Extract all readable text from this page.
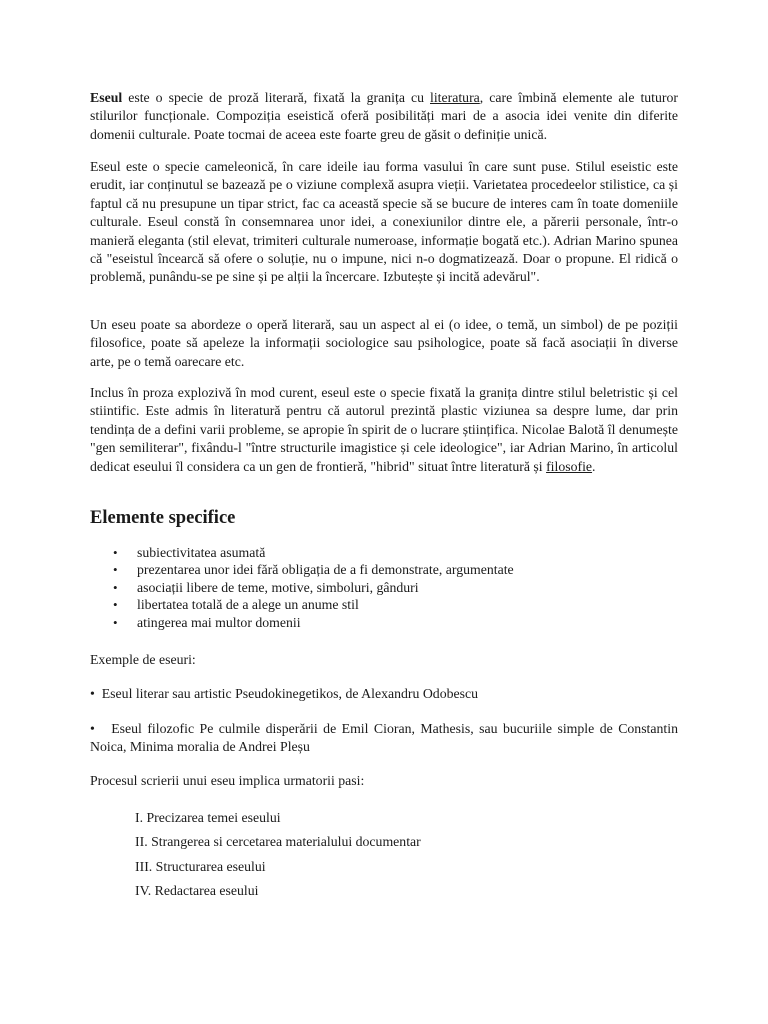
Eseul este o specie de proză literară, fixată la granița cu literatura, care îmbină elemente ale tuturor stilurilor funcționale. Compoziția eseistică oferă posibilități mari de a asocia idei venite din diferite domenii culturale. Poate tocmai de aceea este foarte greu de găsit o definiție unică.

Eseul este o specie cameleonică, în care ideile iau forma vasului în care sunt puse. Stilul eseistic este erudit, iar conținutul se bazează pe o viziune complexă asupra vieții. Varietatea procedeelor stilistice, ca și faptul că nu presupune un tipar strict, fac ca această specie să se bucure de interes cam în toate domeniile culturale. Eseul constă în consemnarea unor idei, a conexiunilor dintre ele, a părerii personale, într-o manieră eleganta (stil elevat, trimiteri culturale numeroase, informație bogată etc.). Adrian Marino spunea că "eseistul încearcă să ofere o soluție, nu o impune, nici n-o dogmatizează. Doar o propune. El ridică o problemă, punându-se pe sine și pe alții la încercare. Izbutește și incită adevărul".

Un eseu poate sa abordeze o operă literară, sau un aspect al ei (o idee, o temă, un simbol) de pe poziții filosofice, poate să apeleze la informații sociologice sau psihologice, poate să facă asociații în diverse arte, pe o temă oarecare etc.

Inclus în proza explozivă în mod curent, eseul este o specie fixată la granița dintre stilul beletristic și cel stiintific. Este admis în literatură pentru că autorul prezintă plastic viziunea sa despre lume, dar prin tendința de a defini varii probleme, se apropie în spirit de o lucrare științifica. Nicolae Balotă îl denumește "gen semiliterar", fixându-l "între structurile imagistice și cele ideologice", iar Adrian Marino, în articolul dedicat eseului îl considera ca un gen de frontieră, "hibrid" situat între literatură și filosofie.

Elemente specifice
• subiectivitatea asumată
• prezentarea unor idei fără obligația de a fi demonstrate, argumentate
• asociații libere de teme, motive, simboluri, gânduri
• libertatea totală de a alege un anume stil
• atingerea mai multor domenii

Exemple de eseuri:

• Eseul literar sau artistic Pseudokinegetikos, de Alexandru Odobescu

• Eseul filozofic Pe culmile disperării de Emil Cioran, Mathesis, sau bucuriile simple de Constantin Noica, Minima moralia de Andrei Pleșu

Procesul scrierii unui eseu implica urmatorii pasi:

I. Precizarea temei eseului
II. Strangerea si cercetarea materialului documentar
III. Structurarea eseului
IV. Redactarea eseului
